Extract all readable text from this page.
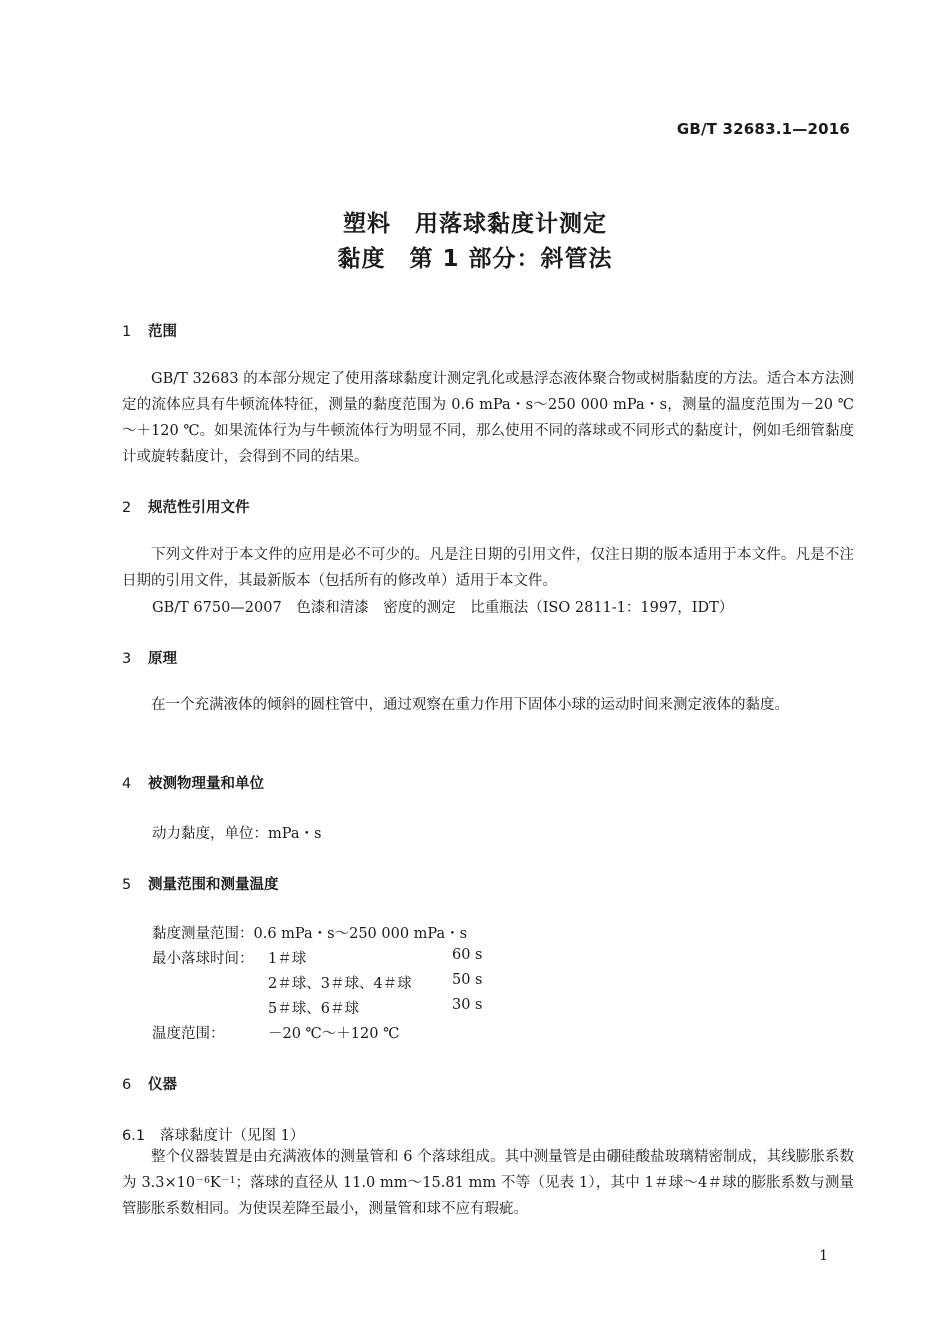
GB/T 32683.1—2016
塑料　用落球黏度计测定
黏度　第 1 部分：斜管法
1 范围
GB/T 32683 的本部分规定了使用落球黏度计测定乳化或悬浮态液体聚合物或树脂黏度的方法。适合本方法测定的流体应具有牛顿流体特征，测量的黏度范围为 0.6 mPa・s～250 000 mPa・s，测量的温度范围为－20 ℃～＋120 ℃。如果流体行为与牛顿流体行为明显不同，那么使用不同的落球或不同形式的黏度计，例如毛细管黏度计或旋转黏度计，会得到不同的结果。
2 规范性引用文件
下列文件对于本文件的应用是必不可少的。凡是注日期的引用文件，仅注日期的版本适用于本文件。凡是不注日期的引用文件，其最新版本（包括所有的修改单）适用于本文件。
GB/T 6750—2007　色漆和清漆　密度的测定　比重瓶法（ISO 2811-1：1997，IDT）
3 原理
在一个充满液体的倾斜的圆柱管中，通过观察在重力作用下固体小球的运动时间来测定液体的黏度。
4 被测物理量和单位
动力黏度，单位：mPa・s
5 测量范围和测量温度
黏度测量范围：0.6 mPa・s～250 000 mPa・s
最小落球时间： 1＃球	60 s
2＃球、3＃球、4＃球	50 s
5＃球、6＃球	30 s
温度范围：	－20 ℃～＋120 ℃
6 仪器
6.1 落球黏度计（见图 1）
整个仪器装置是由充满液体的测量管和 6 个落球组成。其中测量管是由硼硅酸盐玻璃精密制成，其线膨胀系数为 $3.3\times 10^{-6}K^{-1}$；落球的直径从 11.0 mm～15.81 mm 不等（见表 1），其中 1＃球～4＃球的膨胀系数与测量管膨胀系数相同。为使误差降至最小，测量管和球不应有瑕疵。
1
